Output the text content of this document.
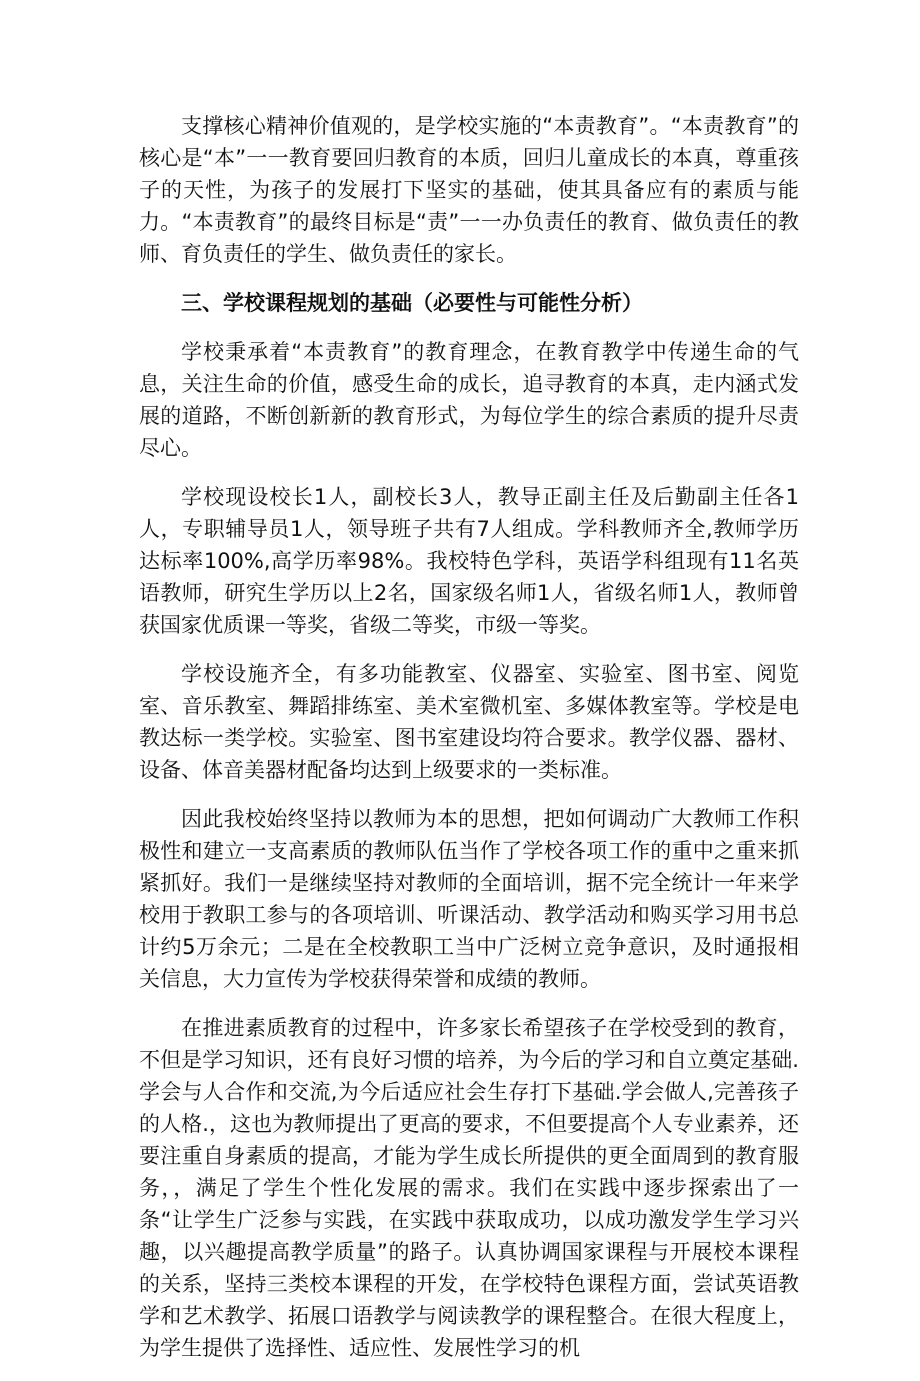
支撑核心精神价值观的，是学校实施的“本责教育”。“本责教育”的核心是“本”一一教育要回归教育的本质，回归儿童成长的本真，尊重孩子的天性，为孩子的发展打下坚实的基础，使其具备应有的素质与能力。“本责教育”的最终目标是“责”一一办负责任的教育、做负责任的教师、育负责任的学生、做负责任的家长。

三、学校课程规划的基础（必要性与可能性分析）

学校秉承着“本责教育”的教育理念，在教育教学中传递生命的气息，关注生命的价值，感受生命的成长，追寻教育的本真，走内涵式发展的道路，不断创新新的教育形式，为每位学生的综合素质的提升尽责尽心。

学校现设校长1人，副校长3人，教导正副主任及后勤副主任各1人，专职辅导员1人，领导班子共有7人组成。学科教师齐全,教师学历达标率100%,高学历率98%。我校特色学科，英语学科组现有11名英语教师，研究生学历以上2名，国家级名师1人，省级名师1人，教师曾获国家优质课一等奖，省级二等奖，市级一等奖。

学校设施齐全，有多功能教室、仪器室、实验室、图书室、阅览室、音乐教室、舞蹈排练室、美术室微机室、多媒体教室等。学校是电教达标一类学校。实验室、图书室建设均符合要求。教学仪器、器材、设备、体音美器材配备均达到上级要求的一类标准。

因此我校始终坚持以教师为本的思想，把如何调动广大教师工作积极性和建立一支高素质的教师队伍当作了学校各项工作的重中之重来抓紧抓好。我们一是继续坚持对教师的全面培训，据不完全统计一年来学校用于教职工参与的各项培训、听课活动、教学活动和购买学习用书总计约5万余元；二是在全校教职工当中广泛树立竞争意识，及时通报相关信息，大力宣传为学校获得荣誉和成绩的教师。

在推进素质教育的过程中，许多家长希望孩子在学校受到的教育，不但是学习知识，还有良好习惯的培养，为今后的学习和自立奠定基础.学会与人合作和交流,为今后适应社会生存打下基础.学会做人,完善孩子的人格.，这也为教师提出了更高的要求，不但要提高个人专业素养，还要注重自身素质的提高，才能为学生成长所提供的更全面周到的教育服务，，满足了学生个性化发展的需求。我们在实践中逐步探索出了一条“让学生广泛参与实践，在实践中获取成功，以成功激发学生学习兴趣，以兴趣提高教学质量”的路子。认真协调国家课程与开展校本课程的关系，坚持三类校本课程的开发，在学校特色课程方面，尝试英语教学和艺术教学、拓展口语教学与阅读教学的课程整合。在很大程度上，为学生提供了选择性、适应性、发展性学习的机
